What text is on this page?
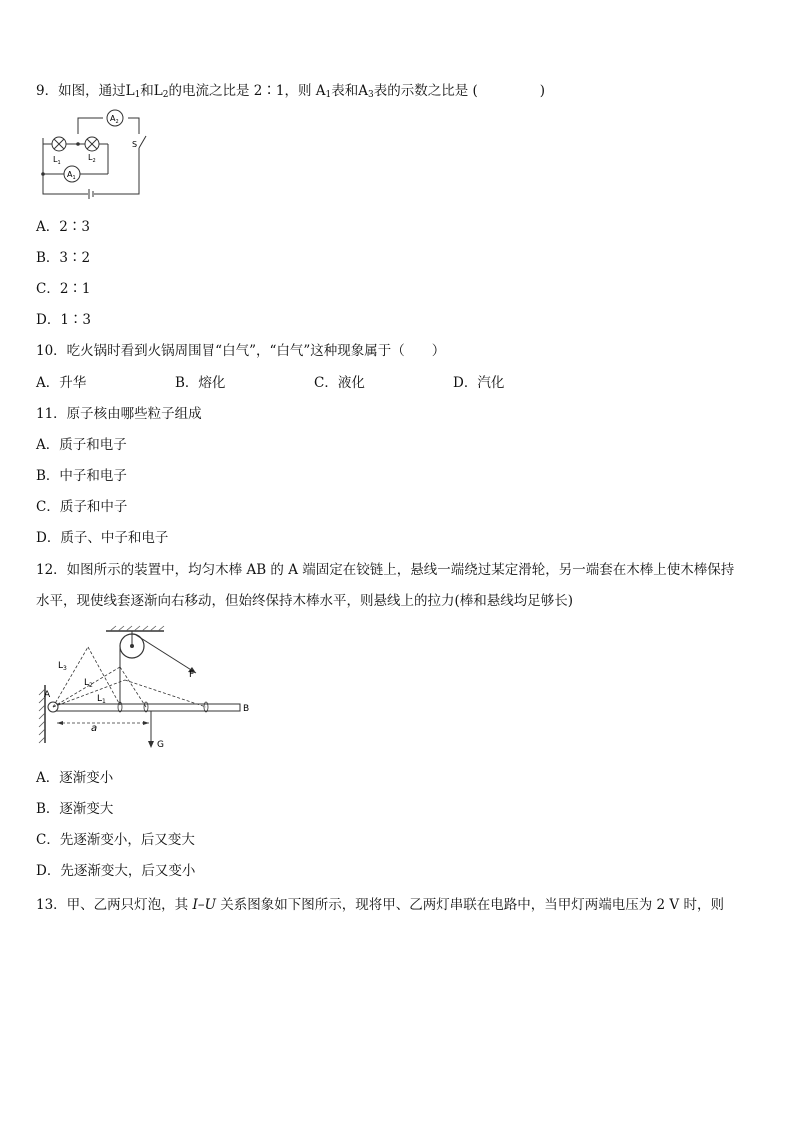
9．如图，通过$L_1$和$L_2$的电流之比是 2∶1，则 $A_1$表和$A_3$表的示数之比是 (	)
$A_2$
$A_1$
$L_1$
$L_2$
S
A．2∶3
B．3∶2
C．2∶1
D．1∶3
10．吃火锅时看到火锅周围冒“白气”，“白气”这种现象属于（　　）
A．升华	B．熔化	C．液化	D．汽化
11．原子核由哪些粒子组成
A．质子和电子
B．中子和电子
C．质子和中子
D．质子、中子和电子
12．如图所示的装置中，均匀木棒 AB 的 A 端固定在铰链上，悬线一端绕过某定滑轮，另一端套在木棒上使木棒保持
水平，现使线套逐渐向右移动，但始终保持木棒水平，则悬线上的拉力(棒和悬线均足够长)
A
B
F
G
a
$L_3$
$L_2$
$L_1$
A．逐渐变小
B．逐渐变大
C．先逐渐变小，后又变大
D．先逐渐变大，后又变小
13．甲、乙两只灯泡，其 I–U 关系图象如下图所示，现将甲、乙两灯串联在电路中，当甲灯两端电压为 2 V 时，则
